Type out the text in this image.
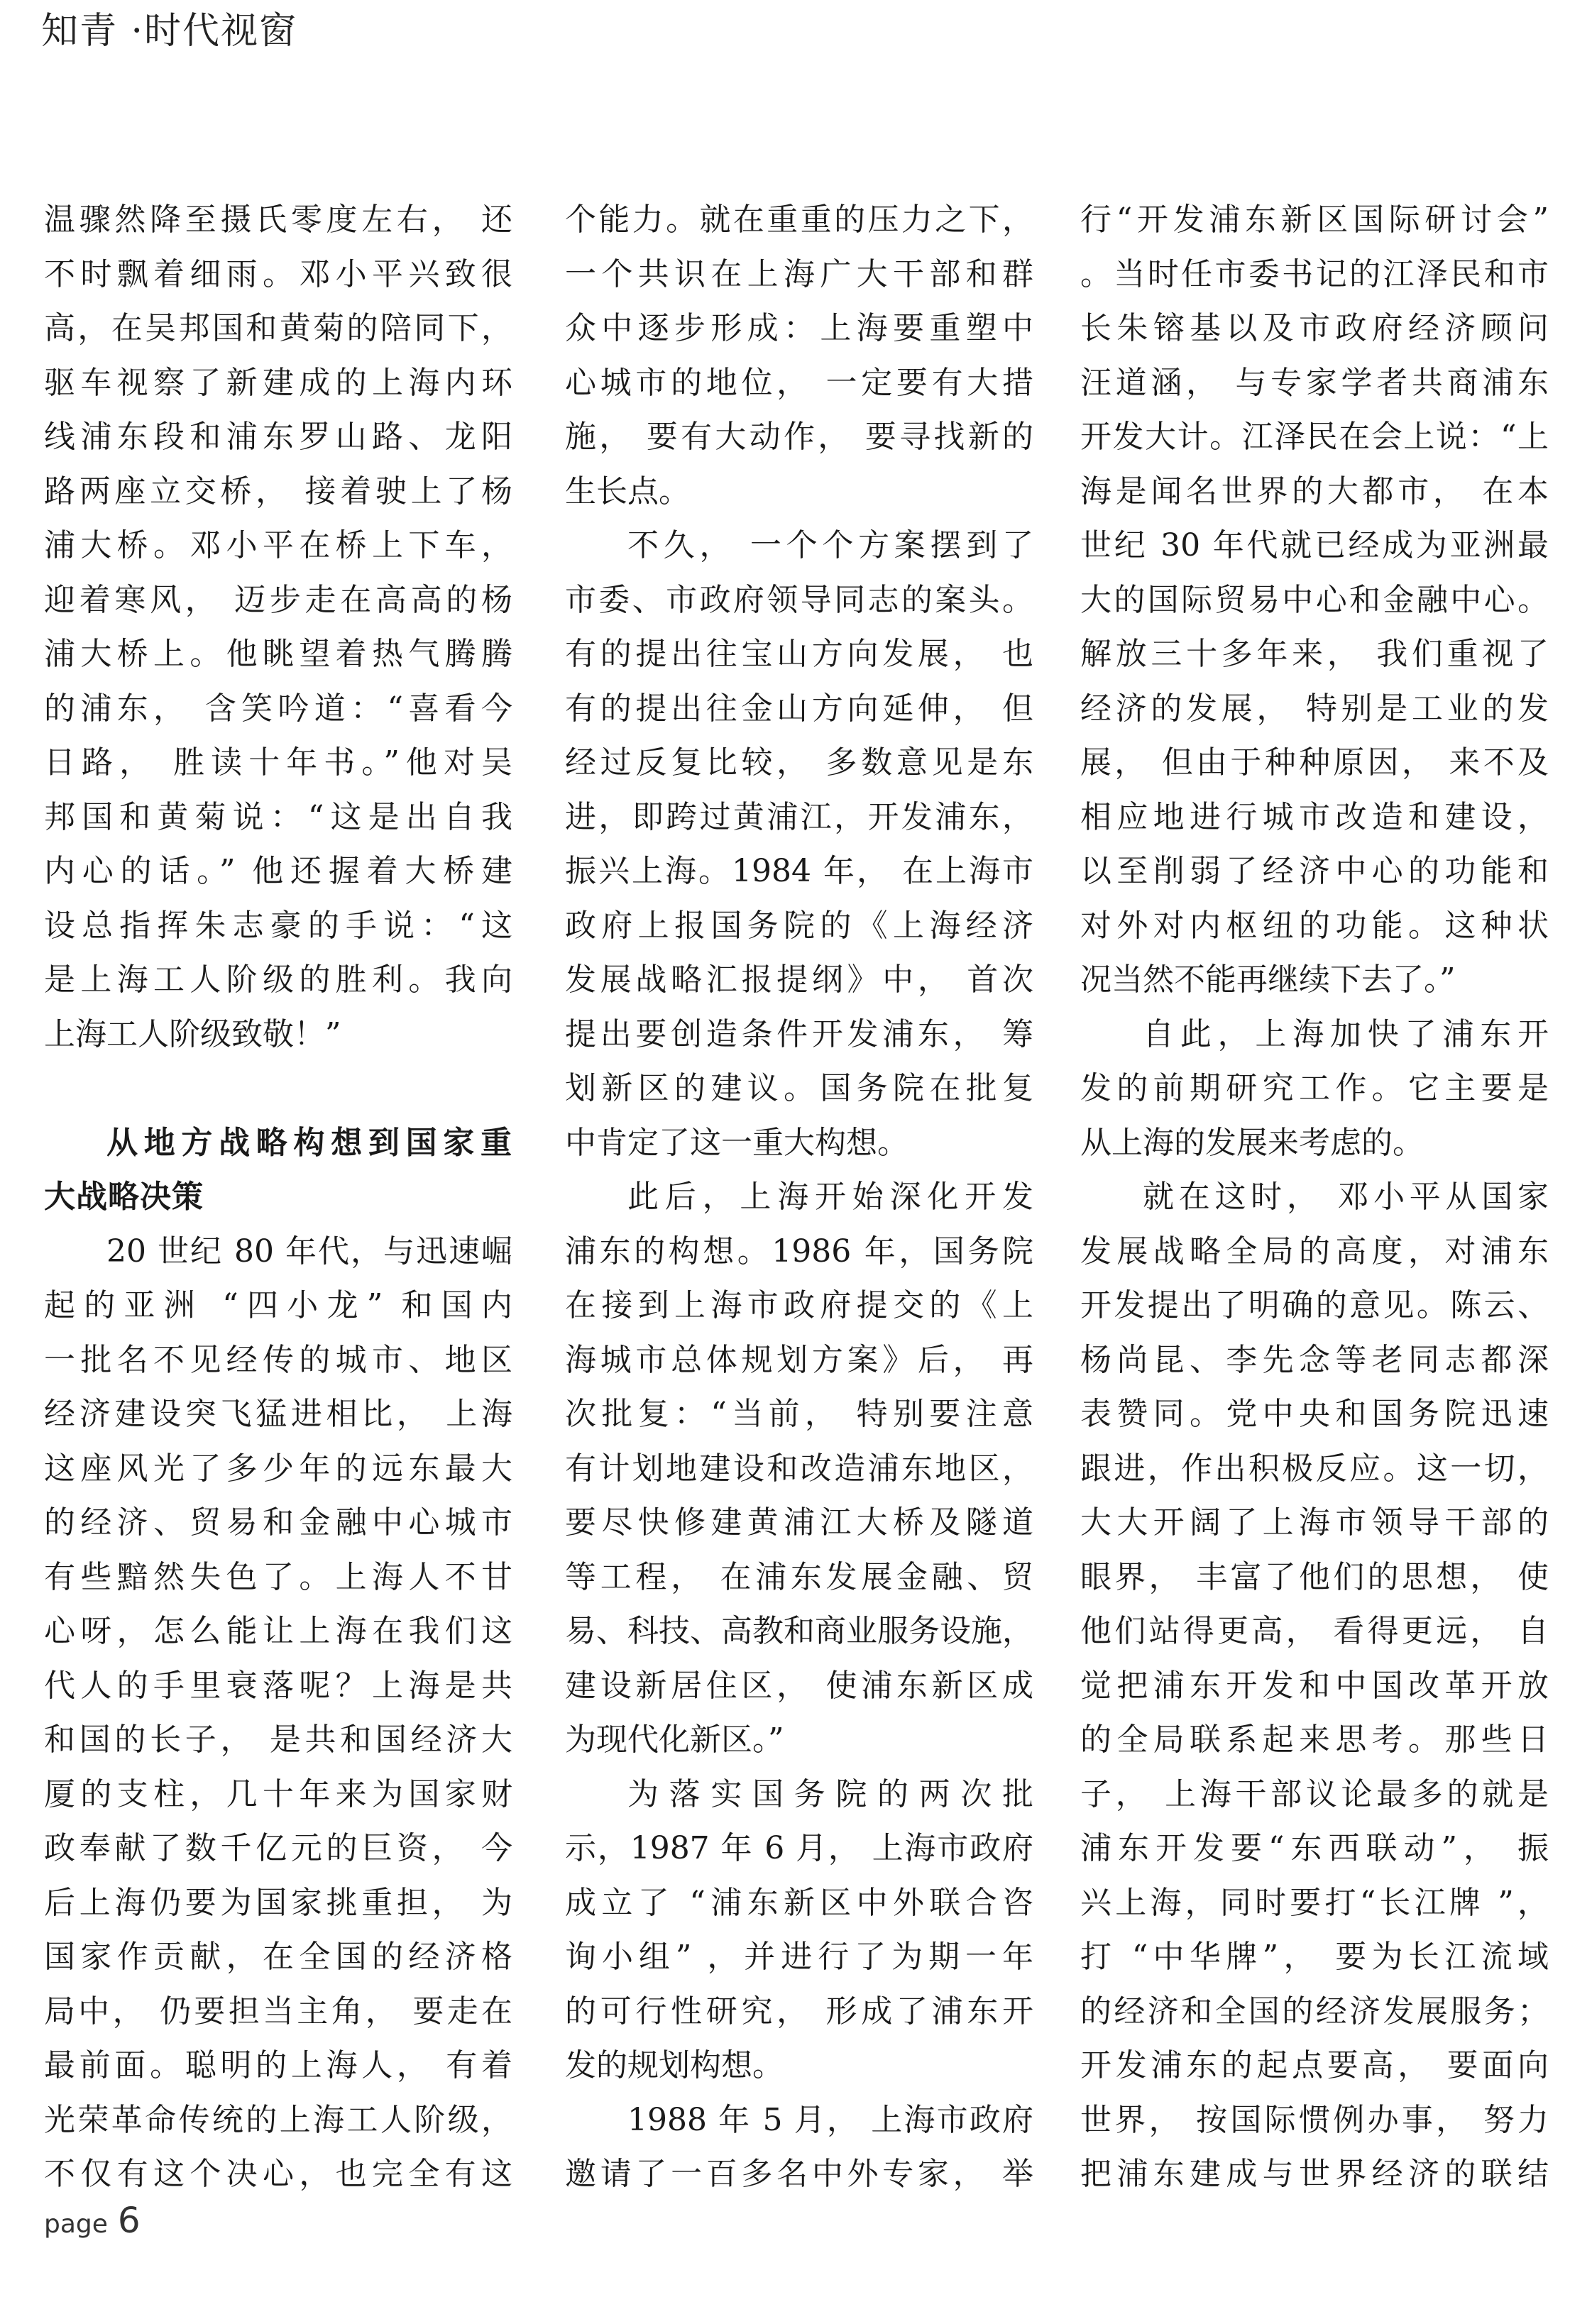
知青 ·时代视窗
温骤然降至摄氏零度左右， 还
不时飘着细雨。邓小平兴致很
高，在吴邦国和黄菊的陪同下，
驱车视察了新建成的上海内环
线浦东段和浦东罗山路、龙阳
路两座立交桥， 接着驶上了杨
浦大桥。邓小平在桥上下车，
迎着寒风， 迈步走在高高的杨
浦大桥上。他眺望着热气腾腾
的浦东， 含笑吟道：“喜看今
日路， 胜读十年书。”他对吴
邦国和黄菊说：“这是出自我
内心的话。” 他还握着大桥建
设总指挥朱志豪的手说：“这
是上海工人阶级的胜利。我向
上海工人阶级致敬！”
从地方战略构想到国家重
大战略决策
20 世纪 80 年代，与迅速崛
起的亚洲 “四小龙” 和国内
一批名不见经传的城市、地区
经济建设突飞猛进相比， 上海
这座风光了多少年的远东最大
的经济、贸易和金融中心城市
有些黯然失色了。上海人不甘
心呀，怎么能让上海在我们这
代人的手里衰落呢？上海是共
和国的长子， 是共和国经济大
厦的支柱，几十年来为国家财
政奉献了数千亿元的巨资， 今
后上海仍要为国家挑重担， 为
国家作贡献，在全国的经济格
局中， 仍要担当主角， 要走在
最前面。聪明的上海人， 有着
光荣革命传统的上海工人阶级，
不仅有这个决心，也完全有这
个能力。就在重重的压力之下，
一个共识在上海广大干部和群
众中逐步形成：上海要重塑中
心城市的地位， 一定要有大措
施， 要有大动作， 要寻找新的
生长点。
不久， 一个个方案摆到了
市委、市政府领导同志的案头。
有的提出往宝山方向发展， 也
有的提出往金山方向延伸， 但
经过反复比较， 多数意见是东
进，即跨过黄浦江，开发浦东，
振兴上海。1984 年， 在上海市
政府上报国务院的《上海经济
发展战略汇报提纲》中， 首次
提出要创造条件开发浦东， 筹
划新区的建议。国务院在批复
中肯定了这一重大构想。
此后，上海开始深化开发
浦东的构想。1986 年，国务院
在接到上海市政府提交的《上
海城市总体规划方案》后， 再
次批复：“当前， 特别要注意
有计划地建设和改造浦东地区，
要尽快修建黄浦江大桥及隧道
等工程， 在浦东发展金融、贸
易、科技、高教和商业服务设施，
建设新居住区， 使浦东新区成
为现代化新区。”
为落实国务院的两次批
示，1987 年 6 月， 上海市政府
成立了 “浦东新区中外联合咨
询小组” ，并进行了为期一年
的可行性研究， 形成了浦东开
发的规划构想。
1988 年 5 月， 上海市政府
邀请了一百多名中外专家， 举
行“开发浦东新区国际研讨会”
。当时任市委书记的江泽民和市
长朱镕基以及市政府经济顾问
汪道涵， 与专家学者共商浦东
开发大计。江泽民在会上说：“上
海是闻名世界的大都市， 在本
世纪 30 年代就已经成为亚洲最
大的国际贸易中心和金融中心。
解放三十多年来， 我们重视了
经济的发展， 特别是工业的发
展， 但由于种种原因， 来不及
相应地进行城市改造和建设，
以至削弱了经济中心的功能和
对外对内枢纽的功能。这种状
况当然不能再继续下去了。”
自此，上海加快了浦东开
发的前期研究工作。它主要是
从上海的发展来考虑的。
就在这时， 邓小平从国家
发展战略全局的高度，对浦东
开发提出了明确的意见。陈云、
杨尚昆、李先念等老同志都深
表赞同。党中央和国务院迅速
跟进，作出积极反应。这一切，
大大开阔了上海市领导干部的
眼界， 丰富了他们的思想， 使
他们站得更高， 看得更远， 自
觉把浦东开发和中国改革开放
的全局联系起来思考。那些日
子， 上海干部议论最多的就是
浦东开发要“东西联动”， 振
兴上海，同时要打“长江牌 ”，
打 “中华牌”， 要为长江流域
的经济和全国的经济发展服务；
开发浦东的起点要高， 要面向
世界， 按国际惯例办事， 努力
把浦东建成与世界经济的联结
page 6
